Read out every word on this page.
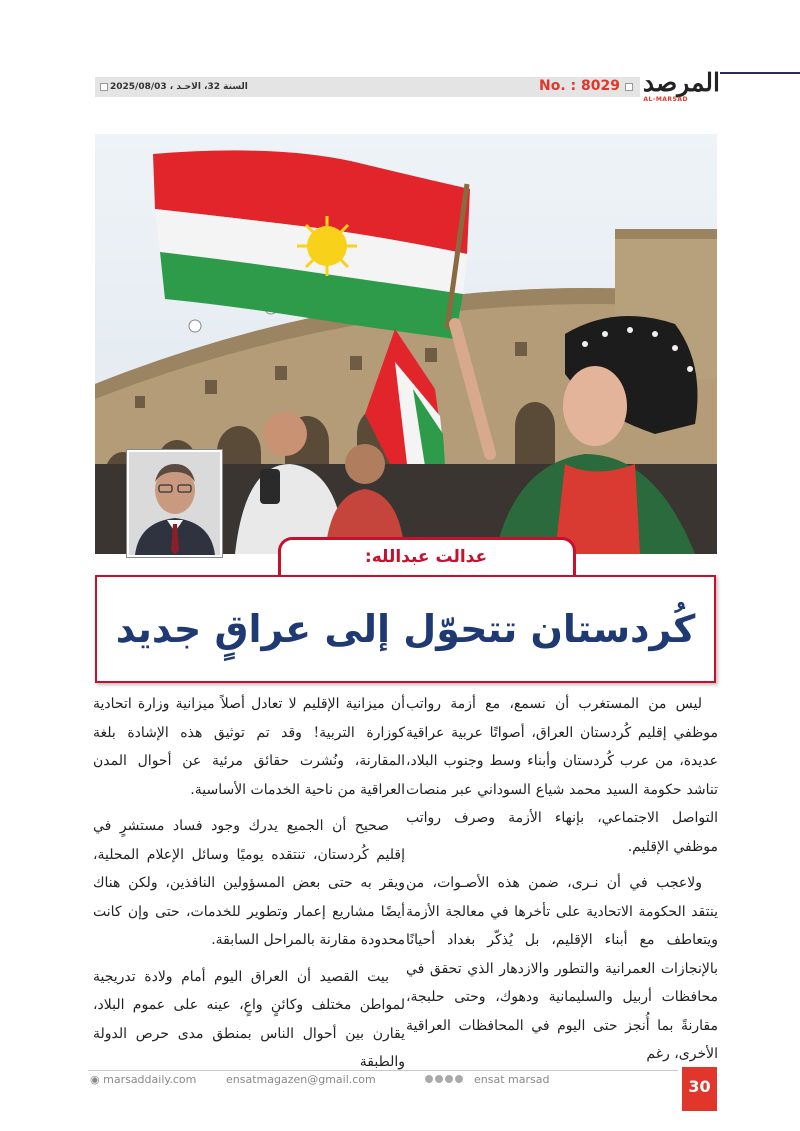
No. : 8029
السنة 32، الاحـد ، 2025/08/03	المرصد
AL-MARSAD
عدالت عبدالله:
كُردستان تتحوّل إلى عراقٍ جديد

ليس من المستغرب أن نسمع، مع أزمة رواتب موظفي إقليم كُردستان العراق، أصواتًا عربية عراقية عديدة، من عرب كُردستان وأبناء وسط وجنوب البلاد، تناشد حكومة السيد محمد شياع السوداني عبر منصات التواصل الاجتماعي، بإنهاء الأزمة وصرف رواتب موظفي الإقليم.

ولاعجب في أن نـرى، ضمن هذه الأصـوات، من ينتقد الحكومة الاتحادية على تأخرها في معالجة الأزمة ويتعاطف مع أبناء الإقليم، بل يُذكّر بغداد أحيانًا بالإنجازات العمرانية والتطور والازدهار الذي تحقق في محافظات أربيل والسليمانية ودهوك، وحتى حلبجة، مقارنةً بما أُنجز حتى اليوم في المحافظات العراقية الأخرى، رغم

أن ميزانية الإقليم لا تعادل أصلاً ميزانية وزارة اتحادية كوزارة التربية! وقد تم توثيق هذه الإشادة بلغة المقارنة، ونُشرت حقائق مرئية عن أحوال المدن العراقية من ناحية الخدمات الأساسية.

صحيح أن الجميع يدرك وجود فساد مستشرٍ في إقليم كُردستان، تنتقده يوميًا وسائل الإعلام المحلية، ويقر به حتى بعض المسؤولين النافذين، ولكن هناك أيضًا مشاريع إعمار وتطوير للخدمات، حتى وإن كانت محدودة مقارنة بالمراحل السابقة.

بيت القصيد أن العراق اليوم أمام ولادة تدريجية لمواطن مختلف وكائنٍ واعٍ، عينه على عموم البلاد، يقارن بين أحوال الناس بمنطق مدى حرص الدولة والطبقة

◉ marsaddaily.com	ensatmagazen@gmail.com	ensat marsad	30
